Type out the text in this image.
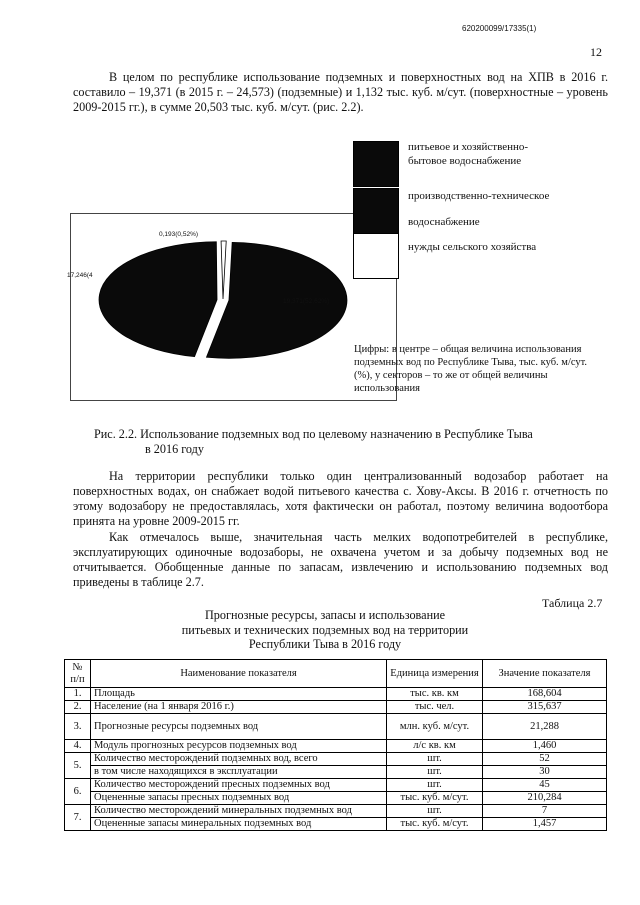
620200099/17335(1)
12
В целом по республике использование подземных и поверхностных вод на ХПВ в 2016 г. составило – 19,371 (в 2015 г. – 24,573) (подземные) и 1,132 тыс. куб. м/сут. (поверхностные – уровень 2009-2015 гг.), в сумме 20,503 тыс. куб. м/сут. (рис. 2.2).
0,193(0,52%)
17,246(4
19,371(52,62%)
питьевое и хозяйственно-
бытовое водоснабжение
производственно-техническое
водоснабжение
нужды сельского хозяйства
Цифры: в центре – общая величина использования подземных вод по Республике Тыва, тыс. куб. м/сут. (%), у секторов – то же от общей величины использования
Рис. 2.2. Использование подземных вод по целевому назначению в Республике Тыва
в 2016 году
На территории республики только один централизованный водозабор работает на поверхностных водах, он снабжает водой питьевого качества с. Хову-Аксы. В 2016 г. отчетность по этому водозабору не предоставлялась, хотя фактически он работал, поэтому величина водоотбора принята на уровне 2009-2015 гг.
Как отмечалось выше, значительная часть мелких водопотребителей в республике, эксплуатирующих одиночные водозаборы, не охвачена учетом и за добычу подземных вод не отчитывается. Обобщенные данные по запасам, извлечению и использованию подземных вод приведены в таблице 2.7.
Таблица 2.7
Прогнозные ресурсы, запасы и использование
питьевых и технических подземных вод на территории
Республики Тыва в 2016 году
№ п/п	Наименование показателя	Единица измерения	Значение показателя
1.	Площадь	тыс. кв. км	168,604
2.	Население (на 1 января 2016 г.)	тыс. чел.	315,637
3.	Прогнозные ресурсы подземных вод	млн. куб. м/сут.	21,288
4.	Модуль прогнозных ресурсов подземных вод	л/с кв. км	1,460
5.	Количество месторождений подземных вод, всего	шт.	52
	в том числе находящихся в эксплуатации	шт.	30
6.	Количество месторождений пресных подземных вод	шт.	45
	Оцененные запасы пресных подземных вод	тыс. куб. м/сут.	210,284
7.	Количество месторождений минеральных подземных вод	шт.	7
	Оцененные запасы минеральных подземных вод	тыс. куб. м/сут.	1,457
